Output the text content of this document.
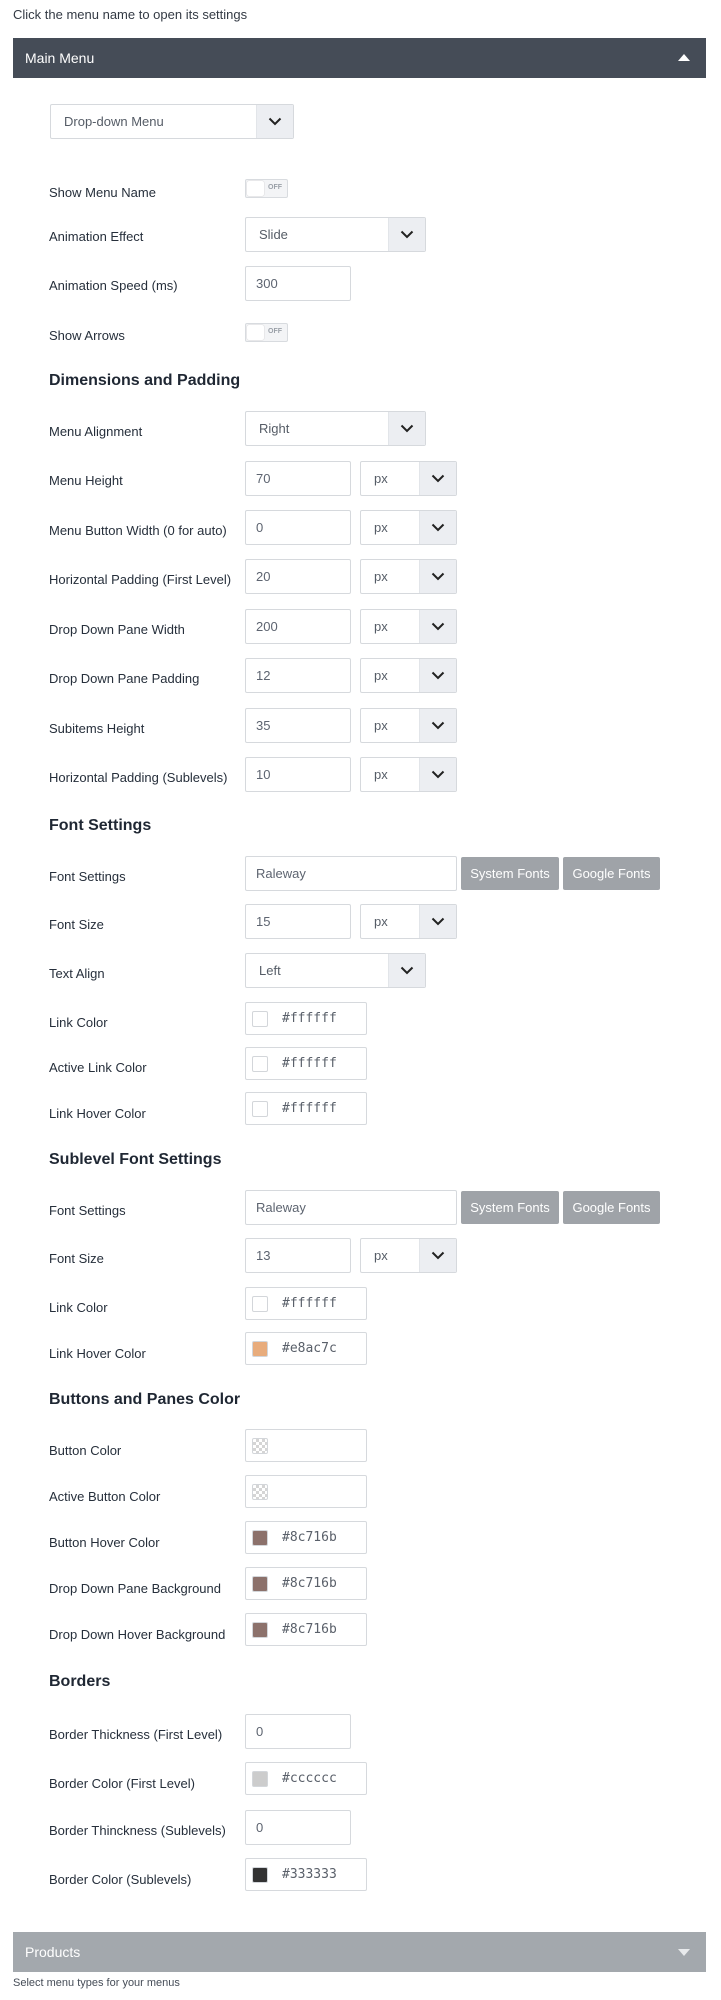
Click the menu name to open its settings
Main Menu
Drop-down Menu
Show Menu Name	OFF
Animation Effect	Slide
Animation Speed (ms)	300
Show Arrows	OFF
Dimensions and Padding
Menu Alignment	Right
Menu Height	70	px
Menu Button Width (0 for auto)	0	px
Horizontal Padding (First Level)	20	px
Drop Down Pane Width	200	px
Drop Down Pane Padding	12	px
Subitems Height	35	px
Horizontal Padding (Sublevels)	10	px
Font Settings
Font Settings	Raleway	System Fonts	Google Fonts
Font Size	15	px
Text Align	Left
Link Color	#ffffff
Active Link Color	#ffffff
Link Hover Color	#ffffff
Sublevel Font Settings
Font Settings	Raleway	System Fonts	Google Fonts
Font Size	13	px
Link Color	#ffffff
Link Hover Color	#e8ac7c
Buttons and Panes Color
Button Color
Active Button Color
Button Hover Color	#8c716b
Drop Down Pane Background	#8c716b
Drop Down Hover Background	#8c716b
Borders
Border Thickness (First Level)	0
Border Color (First Level)	#cccccc
Border Thinckness (Sublevels)	0
Border Color (Sublevels)	#333333
Products
Select menu types for your menus
